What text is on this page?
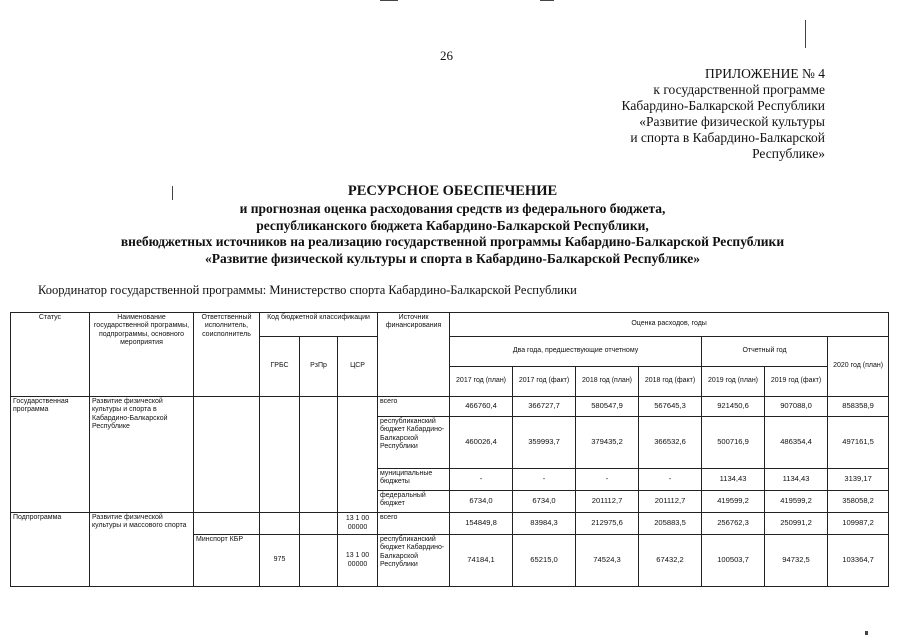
26
ПРИЛОЖЕНИЕ № 4
к государственной программе
Кабардино-Балкарской Республики
«Развитие физической культуры
и спорта в Кабардино-Балкарской
Республике»
РЕСУРСНОЕ ОБЕСПЕЧЕНИЕ
и прогнозная оценка расходования средств из федерального бюджета,
республиканского бюджета Кабардино-Балкарской Республики,
внебюджетных источников на реализацию государственной программы Кабардино-Балкарской Республики
«Развитие физической культуры и спорта в Кабардино-Балкарской Республике»
Координатор государственной программы: Министерство спорта Кабардино-Балкарской Республики
Статус	Наименование государственной программы, подпрограммы, основного мероприятия	Ответственный исполнитель, соисполнитель	Код бюджетной классификации			Источник финансирования	Оценка расходов, годы						
			ГРБС	РзПр	ЦСР		Два года, предшествующие отчетному				Отчетный год		2020 год (план)
							2017 год (план)	2017 год (факт)	2018 год (план)	2018 год (факт)	2019 год (план)	2019 год (факт)	
Государственная программа	Развитие физической культуры и спорта в Кабардино-Балкарской Республике					всего	466760,4	366727,7	580547,9	567645,3	921450,6	907088,0	858358,9
						республиканский бюджет Кабардино-Балкарской Республики	460026,4	359993,7	379435,2	366532,6	500716,9	486354,4	497161,5
						муниципальные бюджеты	-	-	-	-	1134,43	1134,43	3139,17
						федеральный бюджет	6734,0	6734,0	201112,7	201112,7	419599,2	419599,2	358058,2
Подпрограмма	Развитие физической культуры и массового спорта				13 1 00 00000	всего	154849,8	83984,3	212975,6	205883,5	256762,3	250991,2	109987,2
		Минспорт КБР	975		13 1 00 00000	республиканский бюджет Кабардино-Балкарской Республики	74184,1	65215,0	74524,3	67432,2	100503,7	94732,5	103364,7
